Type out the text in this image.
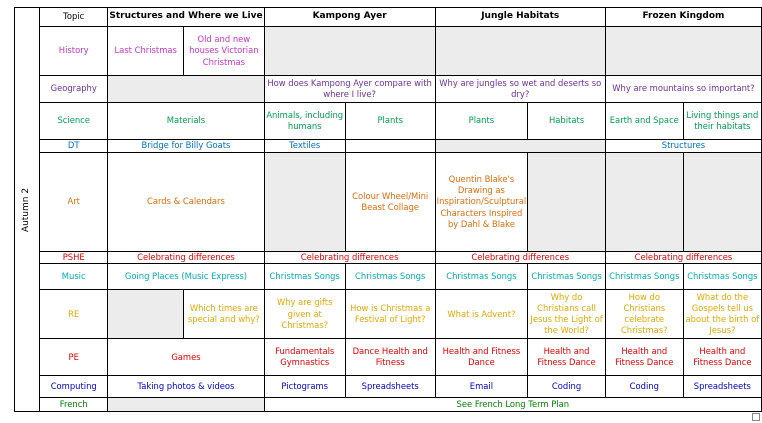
Autumn 2	Topic	Structures and Where we Live		Kampong Ayer		Jungle Habitats		Frozen Kingdom	
	History	Last Christmas	Old and new houses Victorian Christmas						
	Geography			How does Kampong Ayer compare with where I live?		Why are jungles so wet and deserts so dry?		Why are mountains so important?	
	Science	Materials		Animals, including humans	Plants	Plants	Habitats	Earth and Space	Living things and their habitats
	DT	Bridge for Billy Goats		Textiles				Structures	
	Art	Cards & Calendars			Colour Wheel/Mini Beast Collage	Quentin Blake's Drawing as Inspiration/Sculptural Characters Inspired by Dahl & Blake			
	PSHE	Celebrating differences		Celebrating differences		Celebrating differences		Celebrating differences	
	Music	Going Places (Music Express)		Christmas Songs	Christmas Songs	Christmas Songs	Christmas Songs	Christmas Songs	Christmas Songs
	RE		Which times are special and why?	Why are gifts given at Christmas?	How is Christmas a Festival of Light?	What is Advent?	Why do Christians call Jesus the Light of the World?	How do Christians celebrate Christmas?	What do the Gospels tell us about the birth of Jesus?
	PE	Games		Fundamentals Gymnastics	Dance Health and Fitness	Health and Fitness Dance	Health and Fitness Dance	Health and Fitness Dance	Health and Fitness Dance
	Computing	Taking photos & videos		Pictograms	Spreadsheets	Email	Coding	Coding	Spreadsheets
	French			See French Long Term Plan					
